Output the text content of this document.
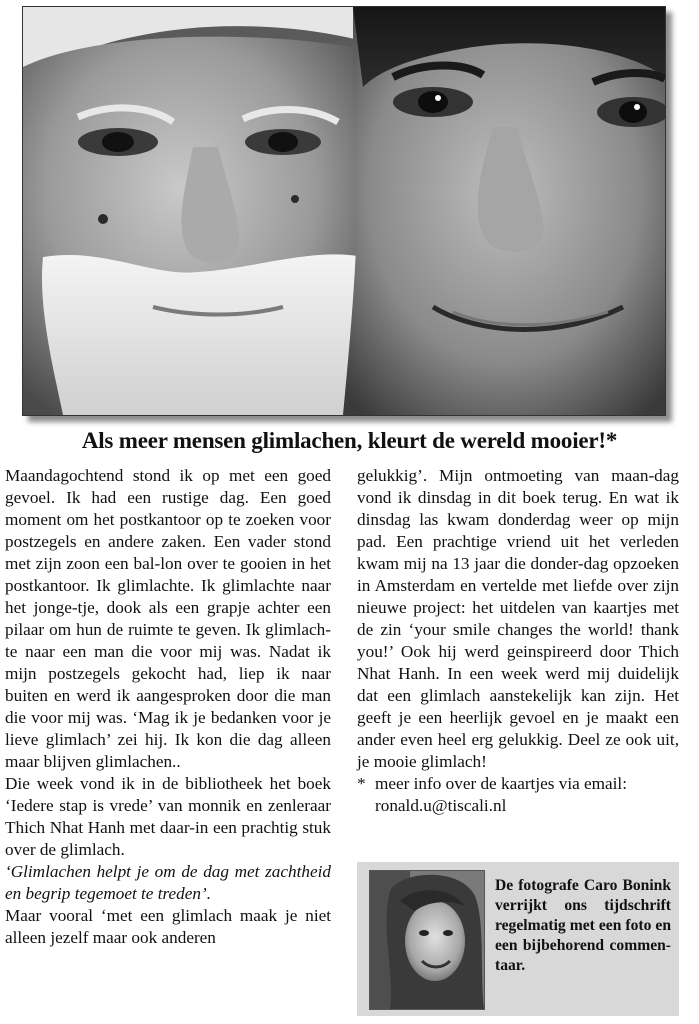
Als meer mensen glimlachen, kleurt de wereld mooier!*

Maandagochtend stond ik op met een goed gevoel. Ik had een rustige dag. Een goed moment om het postkantoor op te zoeken voor postzegels en andere zaken. Een vader stond met zijn zoon een bal-lon over te gooien in het postkantoor. Ik glimlachte. Ik glimlachte naar het jonge-tje, dook als een grapje achter een pilaar om hun de ruimte te geven. Ik glimlach-te naar een man die voor mij was. Nadat ik mijn postzegels gekocht had, liep ik naar buiten en werd ik aangesproken door die man die voor mij was. ‘Mag ik je bedanken voor je lieve glimlach’ zei hij. Ik kon die dag alleen maar blijven glimlachen..

Die week vond ik in de bibliotheek het boek ‘Iedere stap is vrede’ van monnik en zenleraar Thich Nhat Hanh met daar-in een prachtig stuk over de glimlach.

‘Glimlachen helpt je om de dag met zachtheid en begrip tegemoet te treden’.

Maar vooral ‘met een glimlach maak je niet alleen jezelf maar ook anderen

gelukkig’. Mijn ontmoeting van maan-dag vond ik dinsdag in dit boek terug. En wat ik dinsdag las kwam donderdag weer op mijn pad. Een prachtige vriend uit het verleden kwam mij na 13 jaar die donder-dag opzoeken in Amsterdam en vertelde met liefde over zijn nieuwe project: het uitdelen van kaartjes met de zin ‘your smile changes the world! thank you!’ Ook hij werd geinspireerd door Thich Nhat Hanh. In een week werd mij duidelijk dat een glimlach aanstekelijk kan zijn. Het geeft je een heerlijk gevoel en je maakt een ander even heel erg gelukkig. Deel ze ook uit, je mooie glimlach!

* meer info over de kaartjes via email:
ronald.u@tiscali.nl

De fotografe Caro Bonink verrijkt ons tijdschrift regelmatig met een foto en een bijbehorend commen-taar.
